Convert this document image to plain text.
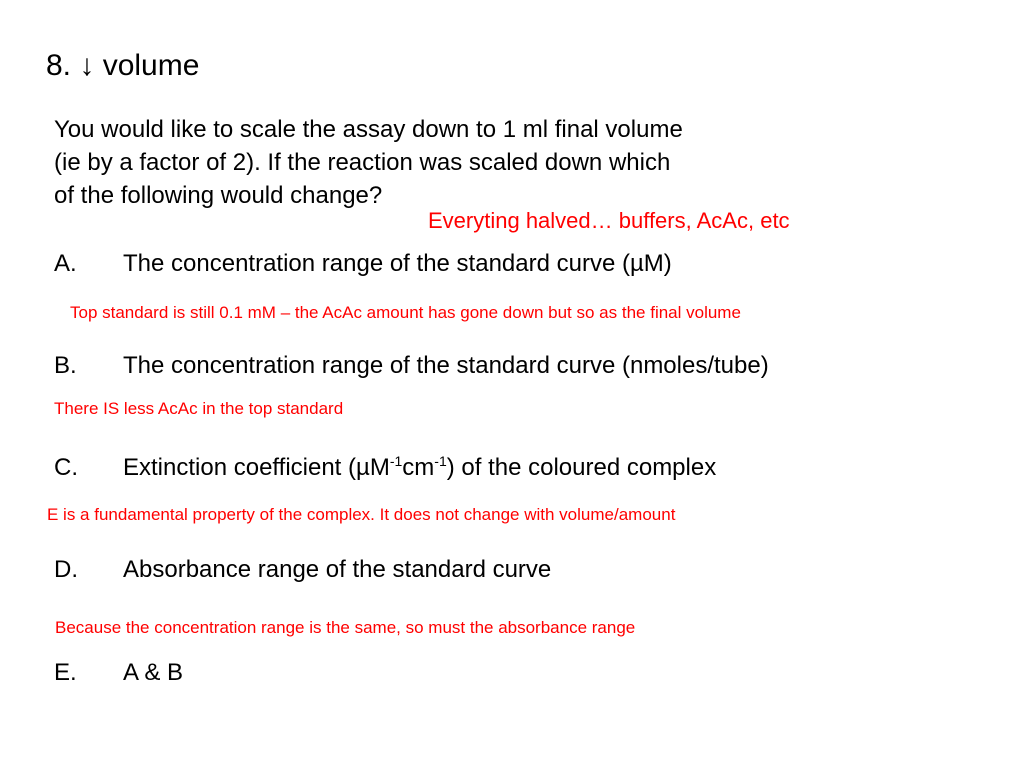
8. ↓ volume
You would like to scale the assay down to 1 ml final volume
(ie by a factor of 2). If the reaction was scaled down which
of the following would change?
Everyting halved… buffers, AcAc, etc
A. The concentration range of the standard curve (µM)
Top standard is still 0.1 mM – the AcAc amount has gone down but so as the final volume
B. The concentration range of the standard curve (nmoles/tube)
There IS less AcAc in the top standard
C. Extinction coefficient $(\mu M^{-1}cm^{-1})$ of the coloured complex
E is a fundamental property of the complex. It does not change with volume/amount
D. Absorbance range of the standard curve
Because the concentration range is the same, so must the absorbance range
E. A & B
